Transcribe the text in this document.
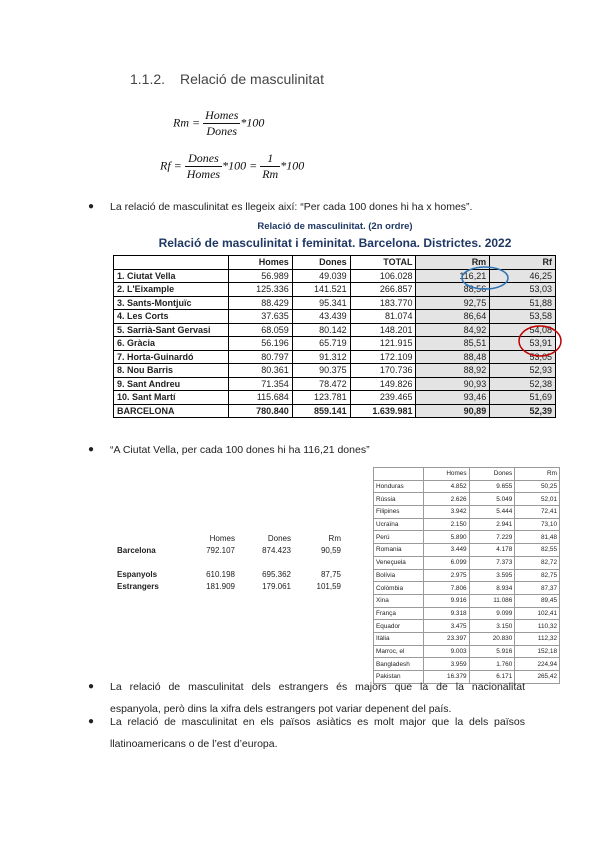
1.1.2. Relació de masculinitat
$Rm = \frac{\text{Homes}}{\text{Dones}} *100$
$Rf = \frac{\text{Dones}}{\text{Homes}} *100 = \frac{1}{Rm} *100$
● La relació de masculinitat es llegeix així: “Per cada 100 dones hi ha x homes”.
Relació de masculinitat. (2n ordre)
Relació de masculinitat i feminitat. Barcelona. Districtes. 2022
	Homes	Dones	TOTAL	Rm	Rf
1. Ciutat Vella	56.989	49.039	106.028	116,21	46,25
2. L'Eixample	125.336	141.521	266.857	88,56	53,03
3. Sants-Montjuïc	88.429	95.341	183.770	92,75	51,88
4. Les Corts	37.635	43.439	81.074	86,64	53,58
5. Sarrià-Sant Gervasi	68.059	80.142	148.201	84,92	54,08
6. Gràcia	56.196	65.719	121.915	85,51	53,91
7. Horta-Guinardó	80.797	91.312	172.109	88,48	53,05
8. Nou Barris	80.361	90.375	170.736	88,92	52,93
9. Sant Andreu	71.354	78.472	149.826	90,93	52,38
10. Sant Martí	115.684	123.781	239.465	93,46	51,69
BARCELONA	780.840	859.141	1.639.981	90,89	52,39
● “A Ciutat Vella, per cada 100 dones hi ha 116,21 dones”
	Homes	Dones	Rm
Barcelona	792.107	874.423	90,59

Espanyols	610.198	695.362	87,75
Estrangers	181.909	179.061	101,59
	Homes	Dones	Rm
Honduras	4.852	9.655	50,25
Rússia	2.626	5.049	52,01
Filipines	3.942	5.444	72,41
Ucraïna	2.150	2.941	73,10
Perú	5.890	7.229	81,48
Romania	3.449	4.178	82,55
Veneçuela	6.099	7.373	82,72
Bolívia	2.975	3.595	82,75
Colòmbia	7.806	8.934	87,37
Xina	9.916	11.086	89,45
França	9.318	9.099	102,41
Equador	3.475	3.150	110,32
Itàlia	23.397	20.830	112,32
Marroc, el	9.003	5.916	152,18
Bangladesh	3.959	1.760	224,94
Pakistan	16.379	6.171	265,42
● La relació de masculinitat dels estrangers és majors que la de la nacionalitat
espanyola, però dins la xifra dels estrangers pot variar depenent del país.
● La relació de masculinitat en els països asiàtics es molt major que la dels països
llatinoamericans o de l’est d’europa.
